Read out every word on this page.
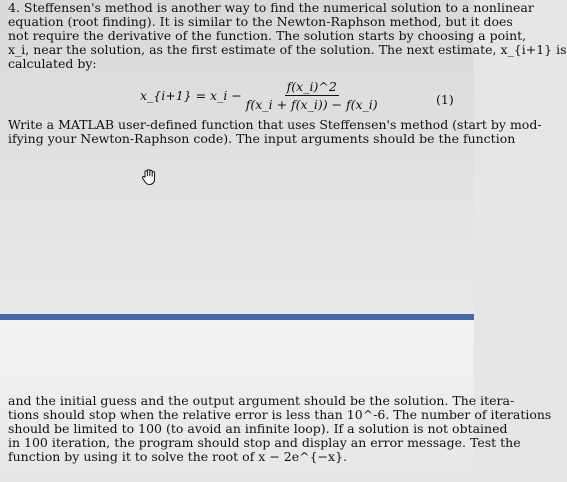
4. Steffensen's method is another way to find the numerical solution to a nonlinear
equation (root finding). It is similar to the Newton-Raphson method, but it does
not require the derivative of the function. The solution starts by choosing a point,
x_i, near the solution, as the first estimate of the solution. The next estimate, x_{i+1} is
calculated by:
x_{i+1} = x_i − $\frac{f(x\_i)\^{}2}{f(x\_i + f(x\_i)) - f(x\_i)}$	(1)
Write a MATLAB user-defined function that uses Steffensen's method (start by mod-
ifying your Newton-Raphson code). The input arguments should be the function
and the initial guess and the output argument should be the solution. The itera-
tions should stop when the relative error is less than 10^-6. The number of iterations
should be limited to 100 (to avoid an infinite loop). If a solution is not obtained
in 100 iteration, the program should stop and display an error message. Test the
function by using it to solve the root of x − 2e^{−x}.
